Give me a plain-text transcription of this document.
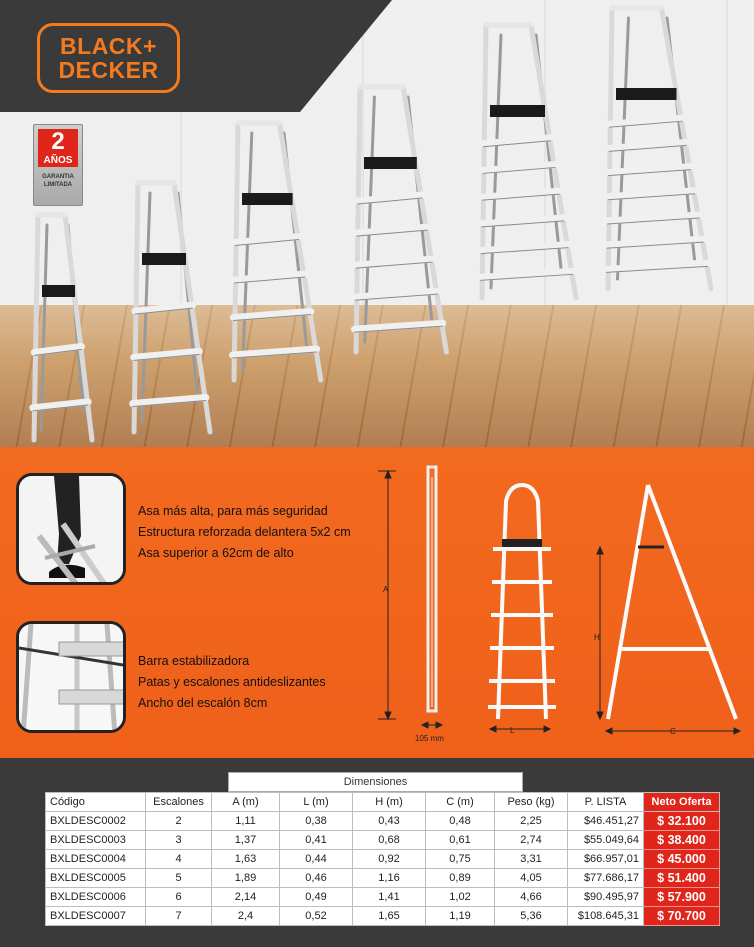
BLACK+
DECKER
2
AÑOS
GARANTIA
LIMITADA
Asa más alta, para más seguridad
Estructura reforzada delantera 5x2 cm
Asa superior a 62cm de alto
Barra estabilizadora
Patas y escalones antideslizantes
Ancho del escalón 8cm
A
H
L	C
105 mm
Dimensiones
Código	Escalones	A (m)	L (m)	H (m)	C (m)	Peso (kg)	P. LISTA	Neto Oferta
BXLDESC0002	2	1,11	0,38	0,43	0,48	2,25	$46.451,27	$ 32.100
BXLDESC0003	3	1,37	0,41	0,68	0,61	2,74	$55.049,64	$ 38.400
BXLDESC0004	4	1,63	0,44	0,92	0,75	3,31	$66.957,01	$ 45.000
BXLDESC0005	5	1,89	0,46	1,16	0,89	4,05	$77.686,17	$ 51.400
BXLDESC0006	6	2,14	0,49	1,41	1,02	4,66	$90.495,97	$ 57.900
BXLDESC0007	7	2,4	0,52	1,65	1,19	5,36	$108.645,31	$ 70.700
